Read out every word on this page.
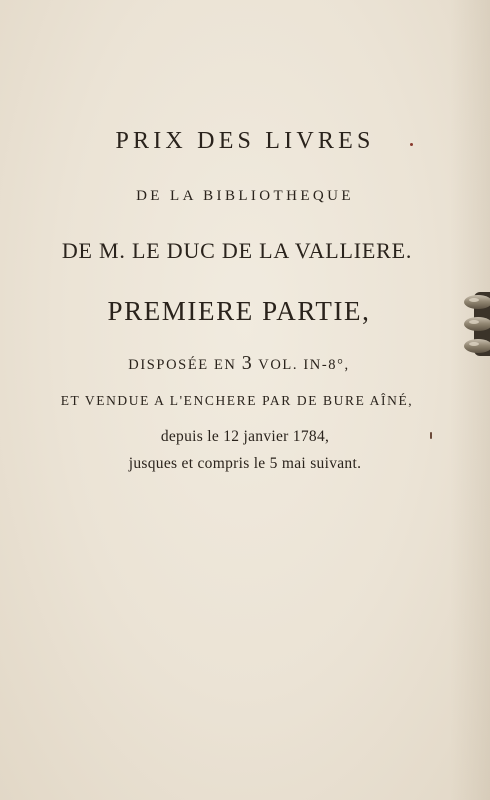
PRIX DES LIVRES
DE LA BIBLIOTHEQUE
DE M. LE DUC DE LA VALLIERE.
PREMIERE PARTIE,
DISPOSÉE EN 3 VOL. IN-8°,
ET VENDUE A L'ENCHERE PAR DE BURE AÎNÉ,
depuis le 12 janvier 1784,
jusques et compris le 5 mai suivant.
